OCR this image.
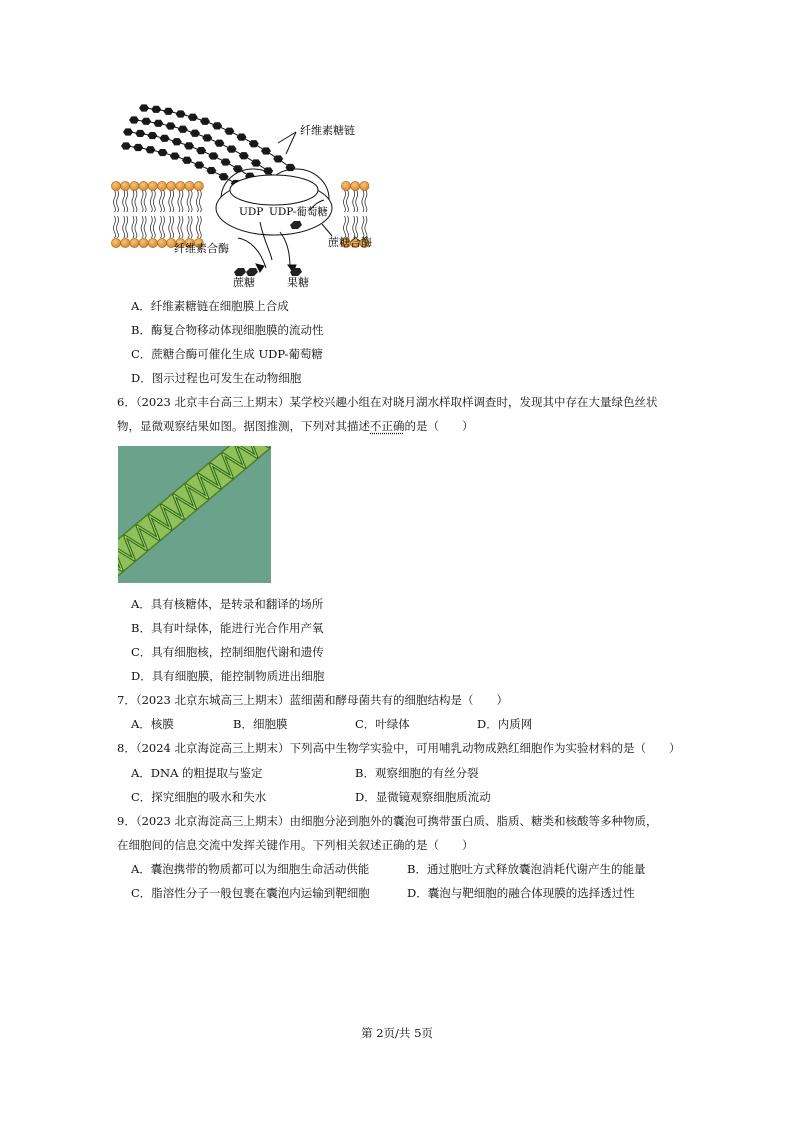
纤维素糖链
UDP UDP-葡萄糖
纤维素合酶	蔗糖合酶
蔗糖	果糖
A．纤维素糖链在细胞膜上合成
B．酶复合物移动体现细胞膜的流动性
C．蔗糖合酶可催化生成 UDP-葡萄糖
D．图示过程也可发生在动物细胞
6．（2023 北京丰台高三上期末）某学校兴趣小组在对晓月湖水样取样调查时，发现其中存在大量绿色丝状
物，显微观察结果如图。据图推测，下列对其描述不正确的是（　　）
A．具有核糖体，是转录和翻译的场所
B．具有叶绿体，能进行光合作用产氧
C．具有细胞核，控制细胞代谢和遗传
D．具有细胞膜，能控制物质进出细胞
7．（2023 北京东城高三上期末）蓝细菌和酵母菌共有的细胞结构是（　　）
A．核膜	B．细胞膜	C．叶绿体	D．内质网
8．（2024 北京海淀高三上期末）下列高中生物学实验中，可用哺乳动物成熟红细胞作为实验材料的是（　　）
A．DNA 的粗提取与鉴定	B．观察细胞的有丝分裂
C．探究细胞的吸水和失水	D．显微镜观察细胞质流动
9．（2023 北京海淀高三上期末）由细胞分泌到胞外的囊泡可携带蛋白质、脂质、糖类和核酸等多种物质，
在细胞间的信息交流中发挥关键作用。下列相关叙述正确的是（　　）
A．囊泡携带的物质都可以为细胞生命活动供能	B．通过胞吐方式释放囊泡消耗代谢产生的能量
C．脂溶性分子一般包裹在囊泡内运输到靶细胞	D．囊泡与靶细胞的融合体现膜的选择透过性
第 2页/共 5页
